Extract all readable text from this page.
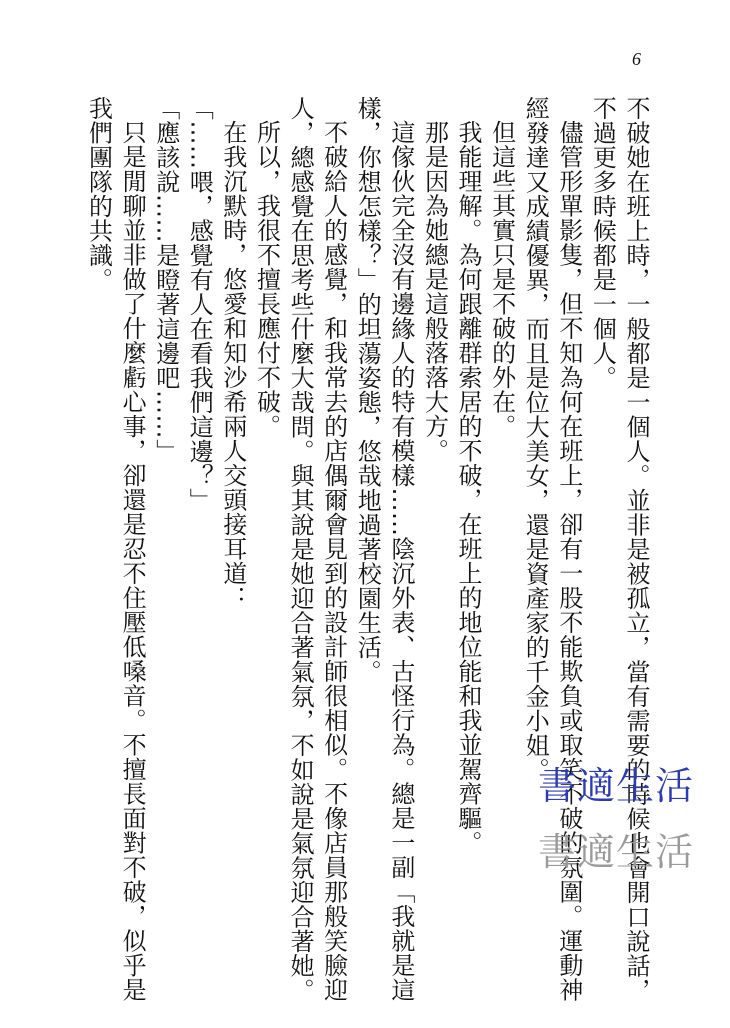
6
不破她在班上時，一般都是一個人。並非是被孤立，當有需要的時候也會開口說話，
不過更多時候都是一個人。
儘管形單影隻，但不知為何在班上，卻有一股不能欺負或取笑不破的氛圍。運動神
經發達又成績優異，而且是位大美女，還是資產家的千金小姐。
但這些其實只是不破的外在。
我能理解。為何跟離群索居的不破，在班上的地位能和我並駕齊驅。
那是因為她總是這般落落大方。
這傢伙完全沒有邊緣人的特有模樣……陰沉外表、古怪行為。總是一副「我就是這
樣，你想怎樣？」的坦蕩姿態，悠哉地過著校園生活。
不破給人的感覺，和我常去的店偶爾會見到的設計師很相似。不像店員那般笑臉迎
人，總感覺在思考些什麼大哉問。與其說是她迎合著氣氛，不如說是氣氛迎合著她。
所以，我很不擅長應付不破。
在我沉默時，悠愛和知沙希兩人交頭接耳道：
「……喂，感覺有人在看我們這邊？」
「應該說……是瞪著這邊吧……」
只是閒聊並非做了什麼虧心事，卻還是忍不住壓低嗓音。不擅長面對不破，似乎是
我們團隊的共識。
書適生活
書適生活
